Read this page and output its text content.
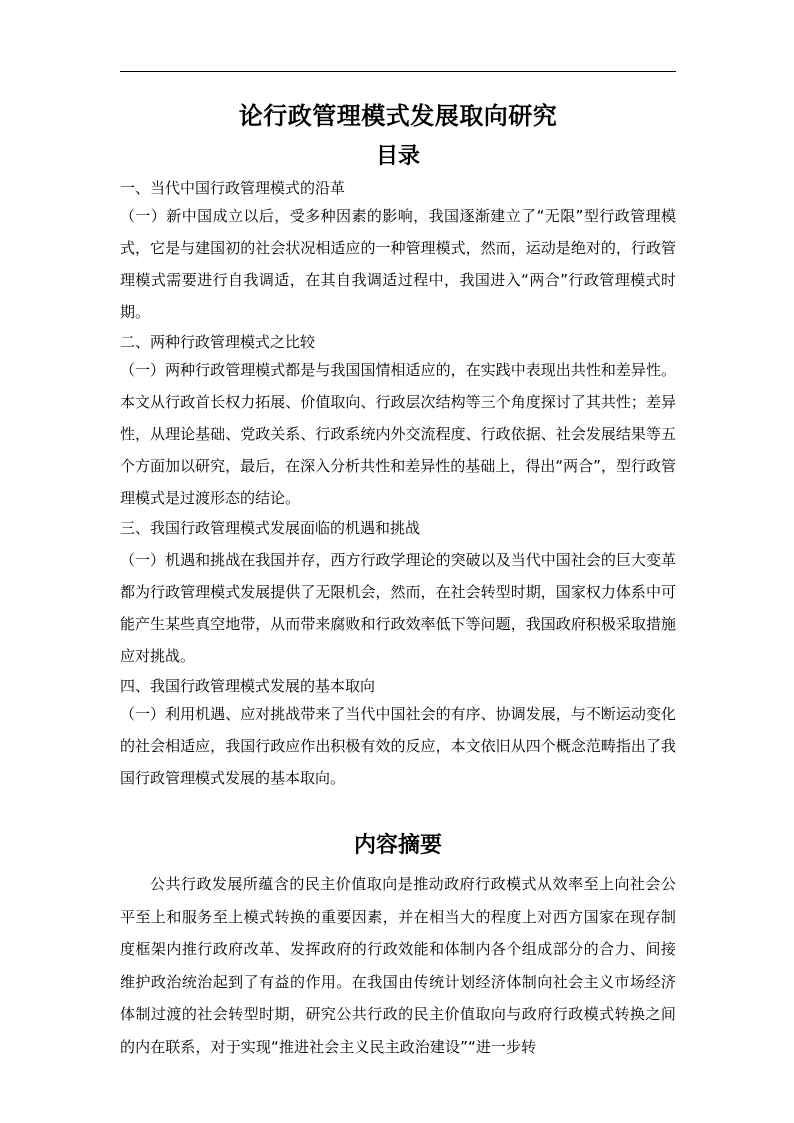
论行政管理模式发展取向研究
目录

一、当代中国行政管理模式的沿革

（一）新中国成立以后，受多种因素的影响，我国逐渐建立了“无限”型行政管理模式，它是与建国初的社会状况相适应的一种管理模式，然而，运动是绝对的，行政管理模式需要进行自我调适，在其自我调适过程中，我国进入“两合”行政管理模式时期。

二、两种行政管理模式之比较

（一）两种行政管理模式都是与我国国情相适应的，在实践中表现出共性和差异性。本文从行政首长权力拓展、价值取向、行政层次结构等三个角度探讨了其共性；差异性，从理论基础、党政关系、行政系统内外交流程度、行政依据、社会发展结果等五个方面加以研究，最后，在深入分析共性和差异性的基础上，得出“两合”，型行政管理模式是过渡形态的结论。

三、我国行政管理模式发展面临的机遇和挑战

（一）机遇和挑战在我国并存，西方行政学理论的突破以及当代中国社会的巨大变革都为行政管理模式发展提供了无限机会，然而，在社会转型时期，国家权力体系中可能产生某些真空地带，从而带来腐败和行政效率低下等问题，我国政府积极采取措施应对挑战。

四、我国行政管理模式发展的基本取向

（一）利用机遇、应对挑战带来了当代中国社会的有序、协调发展，与不断运动变化的社会相适应，我国行政应作出积极有效的反应，本文依旧从四个概念范畴指出了我国行政管理模式发展的基本取向。

内容摘要

公共行政发展所蕴含的民主价值取向是推动政府行政模式从效率至上向社会公平至上和服务至上模式转换的重要因素，并在相当大的程度上对西方国家在现存制度框架内推行政府改革、发挥政府的行政效能和体制内各个组成部分的合力、间接维护政治统治起到了有益的作用。在我国由传统计划经济体制向社会主义市场经济体制过渡的社会转型时期，研究公共行政的民主价值取向与政府行政模式转换之间的内在联系，对于实现“推进社会主义民主政治建设”“进一步转
